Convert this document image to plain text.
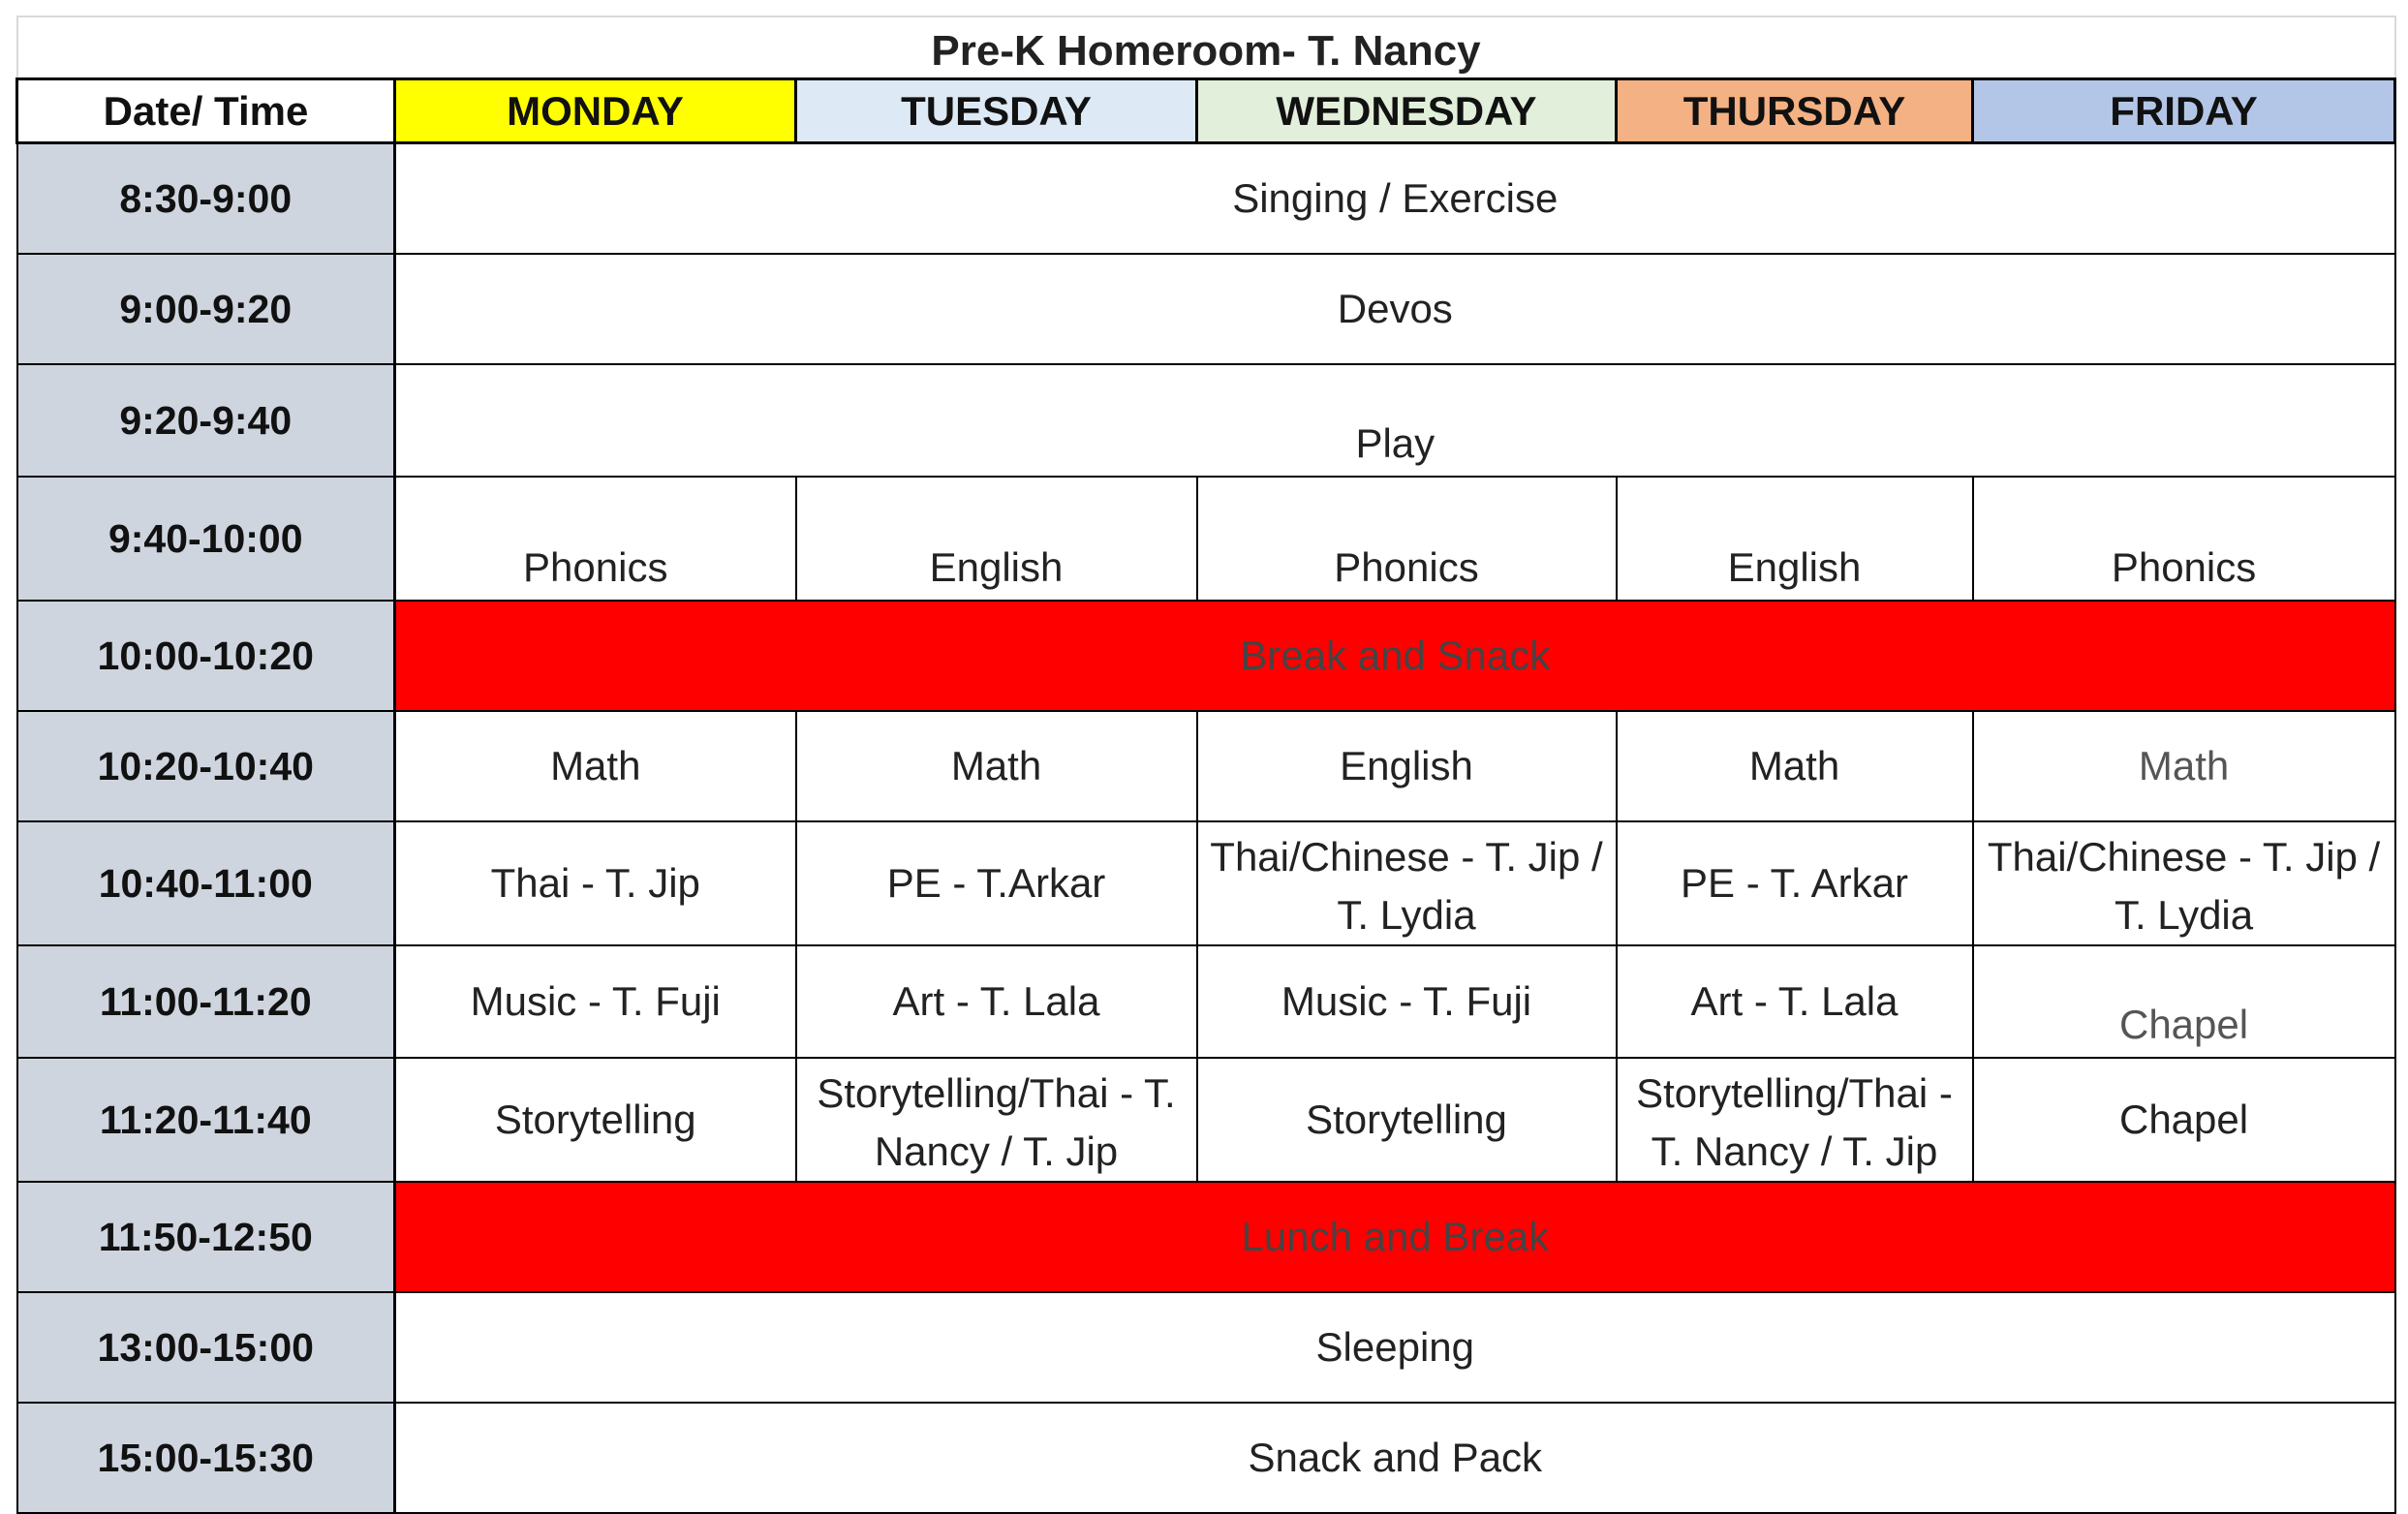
Pre-K Homeroom- T. Nancy					
Date/ Time	MONDAY	TUESDAY	WEDNESDAY	THURSDAY	FRIDAY
8:30-9:00	Singing / Exercise				
9:00-9:20	Devos				
9:20-9:40	Play				
9:40-10:00	Phonics	English	Phonics	English	Phonics
10:00-10:20	Break and Snack				
10:20-10:40	Math	Math	English	Math	Math
10:40-11:00	Thai - T. Jip	PE - T.Arkar	Thai/Chinese - T. Jip / T. Lydia	PE - T. Arkar	Thai/Chinese - T. Jip / T. Lydia
11:00-11:20	Music - T. Fuji	Art - T. Lala	Music - T. Fuji	Art - T. Lala	Chapel
11:20-11:40	Storytelling	Storytelling/Thai - T. Nancy / T. Jip	Storytelling	Storytelling/Thai - T. Nancy / T. Jip	Chapel
11:50-12:50	Lunch and Break				
13:00-15:00	Sleeping				
15:00-15:30	Snack and Pack				
